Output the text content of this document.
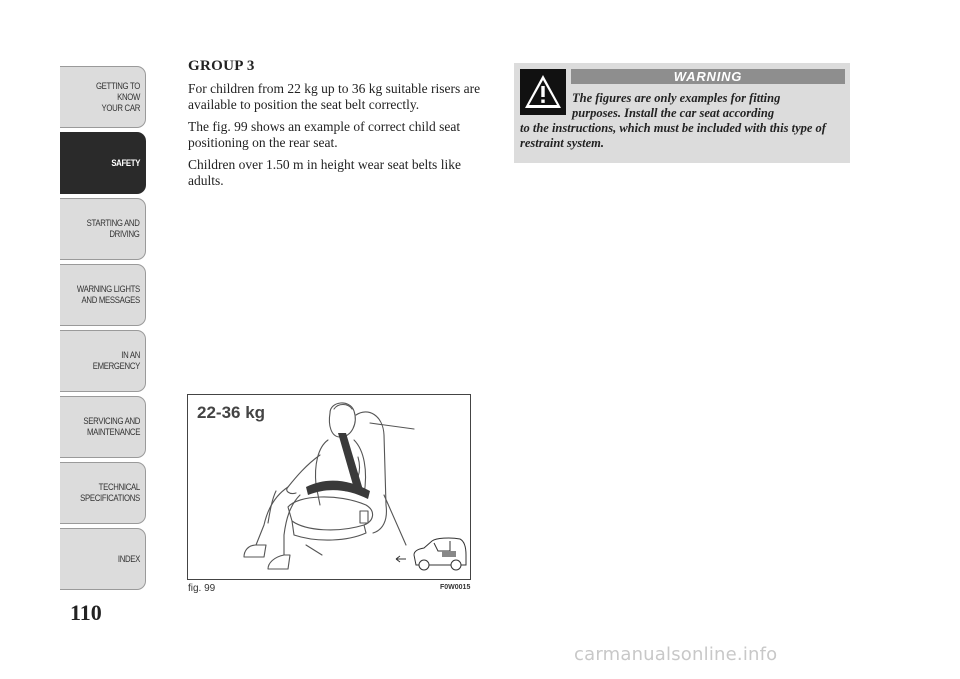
GETTING TO KNOW
YOUR CAR
SAFETY
STARTING AND
DRIVING
WARNING LIGHTS
AND MESSAGES
IN AN EMERGENCY
SERVICING AND
MAINTENANCE
TECHNICAL
SPECIFICATIONS
INDEX
110
GROUP 3

For children from 22 kg up to 36 kg suitable risers are available to position the seat belt correctly.

The fig. 99 shows an example of correct child seat positioning on the rear seat.

Children over 1.50 m in height wear seat belts like adults.

22-36 kg
fig. 99	F0W0015
WARNING
The figures are only examples for fitting
purposes. Install the car seat according
to the instructions, which must be included with this type of restraint system.
carmanualsonline.info
